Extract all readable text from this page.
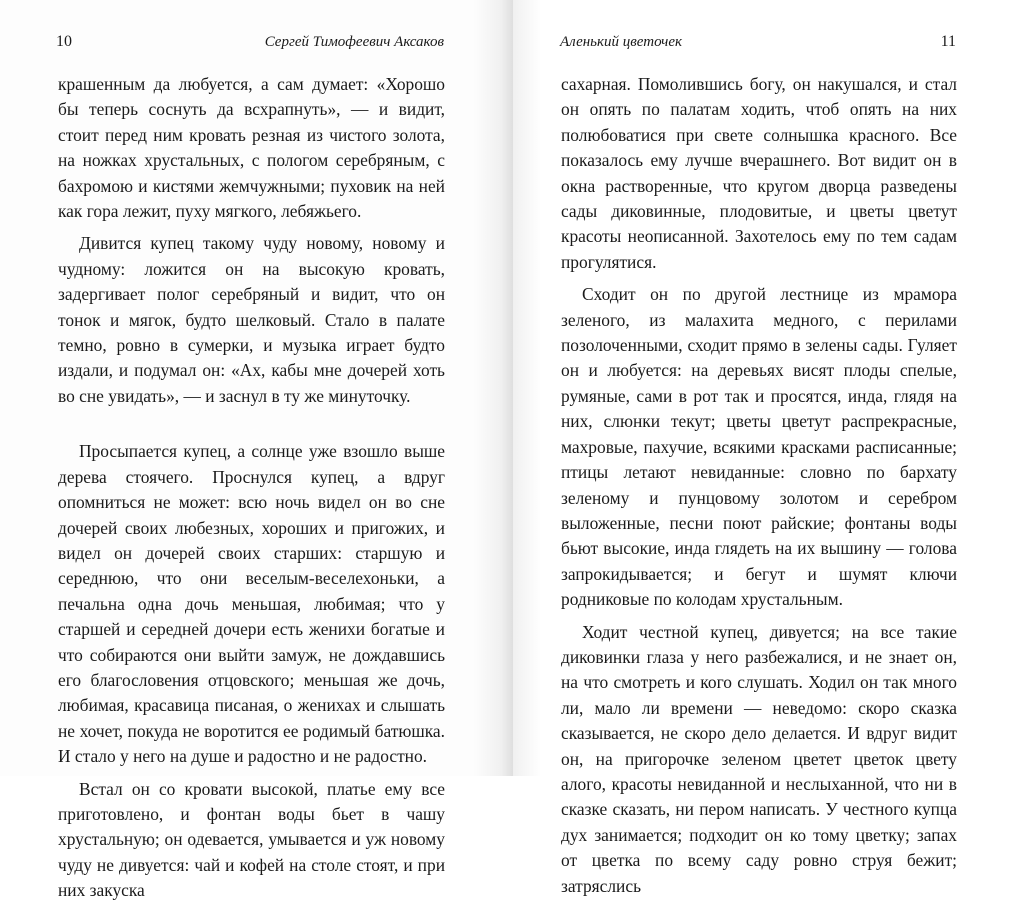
10	Сергей Тимофеевич Аксаков

крашенным да любуется, а сам думает: «Хорошо бы теперь соснуть да всхрапнуть», — и видит, стоит перед ним кровать резная из чистого золота, на ножках хрустальных, с пологом серебряным, с бахромою и кистями жемчужными; пуховик на ней как гора лежит, пуху мягкого, лебяжьего.

Дивится купец такому чуду новому, новому и чудному: ложится он на высокую кровать, задергивает полог серебряный и видит, что он тонок и мягок, будто шелковый. Стало в палате темно, ровно в сумерки, и музыка играет будто издали, и подумал он: «Ах, кабы мне дочерей хоть во сне увидать», — и заснул в ту же минуточку.

Просыпается купец, а солнце уже взошло выше дерева стоячего. Проснулся купец, а вдруг опомниться не может: всю ночь видел он во сне дочерей своих любезных, хороших и пригожих, и видел он дочерей своих старших: старшую и середнюю, что они веселым-веселехоньки, а печальна одна дочь меньшая, любимая; что у старшей и середней дочери есть женихи богатые и что собираются они выйти замуж, не дождавшись его благословения отцовского; меньшая же дочь, любимая, красавица писаная, о женихах и слышать не хочет, покуда не воротится ее родимый батюшка. И стало у него на душе и радостно и не радостно.

Встал он со кровати высокой, платье ему все приготовлено, и фонтан воды бьет в чашу хрустальную; он одевается, умывается и уж новому чуду не дивуется: чай и кофей на столе стоят, и при них закуска

Аленький цветочек	11

сахарная. Помолившись богу, он накушался, и стал он опять по палатам ходить, чтоб опять на них полюбоватися при свете солнышка красного. Все показалось ему лучше вчерашнего. Вот видит он в окна растворенные, что кругом дворца разведены сады диковинные, плодовитые, и цветы цветут красоты неописанной. Захотелось ему по тем садам прогулятися.

Сходит он по другой лестнице из мрамора зеленого, из малахита медного, с перилами позолоченными, сходит прямо в зелены сады. Гуляет он и любуется: на деревьях висят плоды спелые, румяные, сами в рот так и просятся, инда, глядя на них, слюнки текут; цветы цветут распрекрасные, махровые, пахучие, всякими красками расписанные; птицы летают невиданные: словно по бархату зеленому и пунцовому золотом и серебром выложенные, песни поют райские; фонтаны воды бьют высокие, инда глядеть на их вышину — голова запрокидывается; и бегут и шумят ключи родниковые по колодам хрустальным.

Ходит честной купец, дивуется; на все такие диковинки глаза у него разбежалися, и не знает он, на что смотреть и кого слушать. Ходил он так много ли, мало ли времени — неведомо: скоро сказка сказывается, не скоро дело делается. И вдруг видит он, на пригорочке зеленом цветет цветок цвету алого, красоты невиданной и неслыханной, что ни в сказке сказать, ни пером написать. У честного купца дух занимается; подходит он ко тому цветку; запах от цветка по всему саду ровно струя бежит; затряслись
